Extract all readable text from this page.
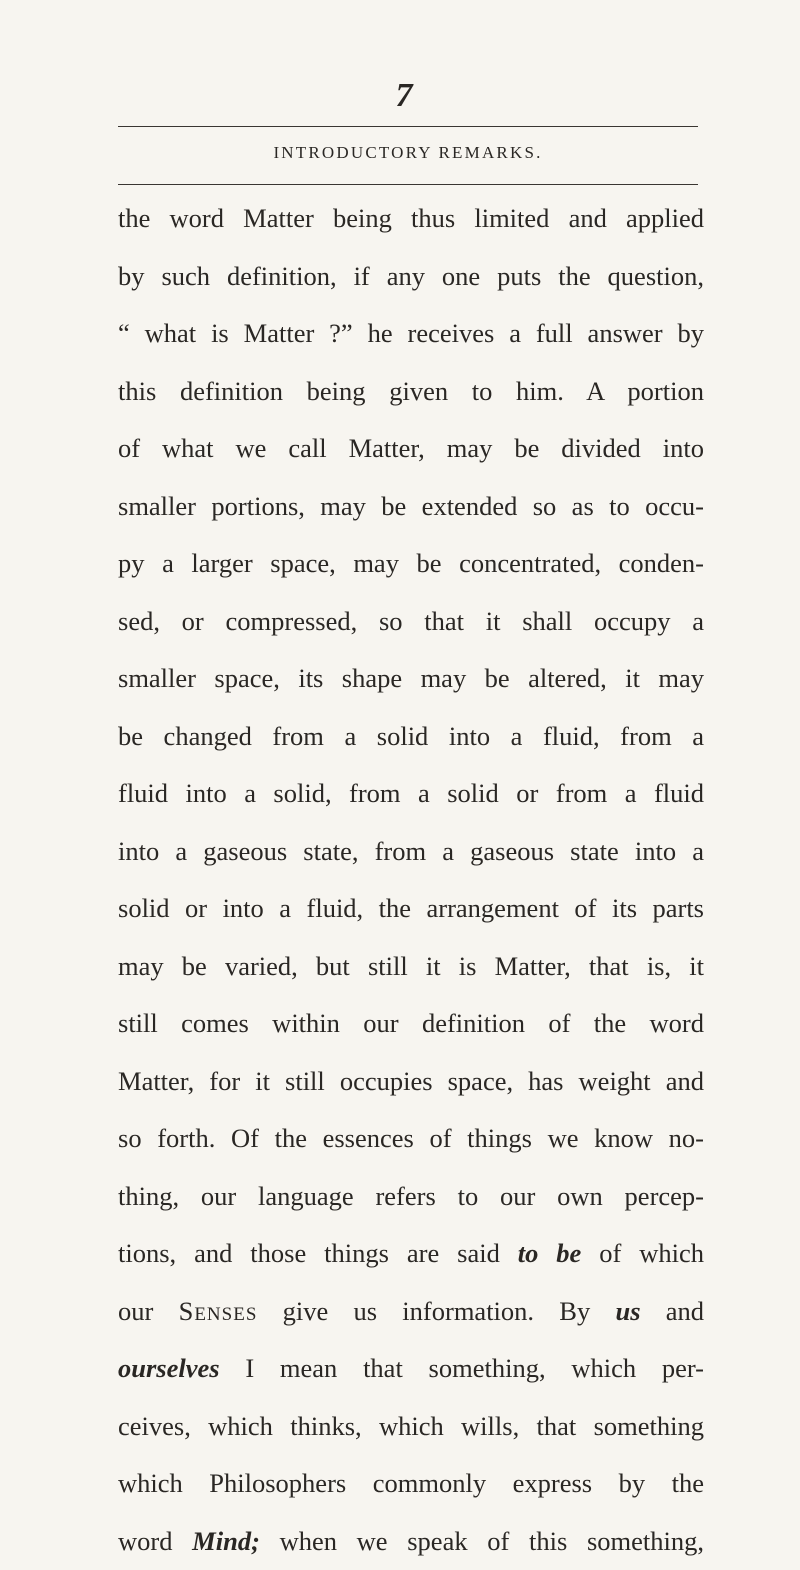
7
INTRODUCTORY REMARKS.
the word Matter being thus limited and applied
by such definition, if any one puts the question,
“ what is Matter ?” he receives a full answer by
this definition being given to him. A portion
of what we call Matter, may be divided into
smaller portions, may be extended so as to occu-
py a larger space, may be concentrated, conden-
sed, or compressed, so that it shall occupy a
smaller space, its shape may be altered, it may
be changed from a solid into a fluid, from a
fluid into a solid, from a solid or from a fluid
into a gaseous state, from a gaseous state into a
solid or into a fluid, the arrangement of its parts
may be varied, but still it is Matter, that is, it
still comes within our definition of the word
Matter, for it still occupies space, has weight and
so forth. Of the essences of things we know no-
thing, our language refers to our own percep-
tions, and those things are said to be of which
our Senses give us information. By us and
ourselves I mean that something, which per-
ceives, which thinks, which wills, that something
which Philosophers commonly express by the
word Mind; when we speak of this something,
